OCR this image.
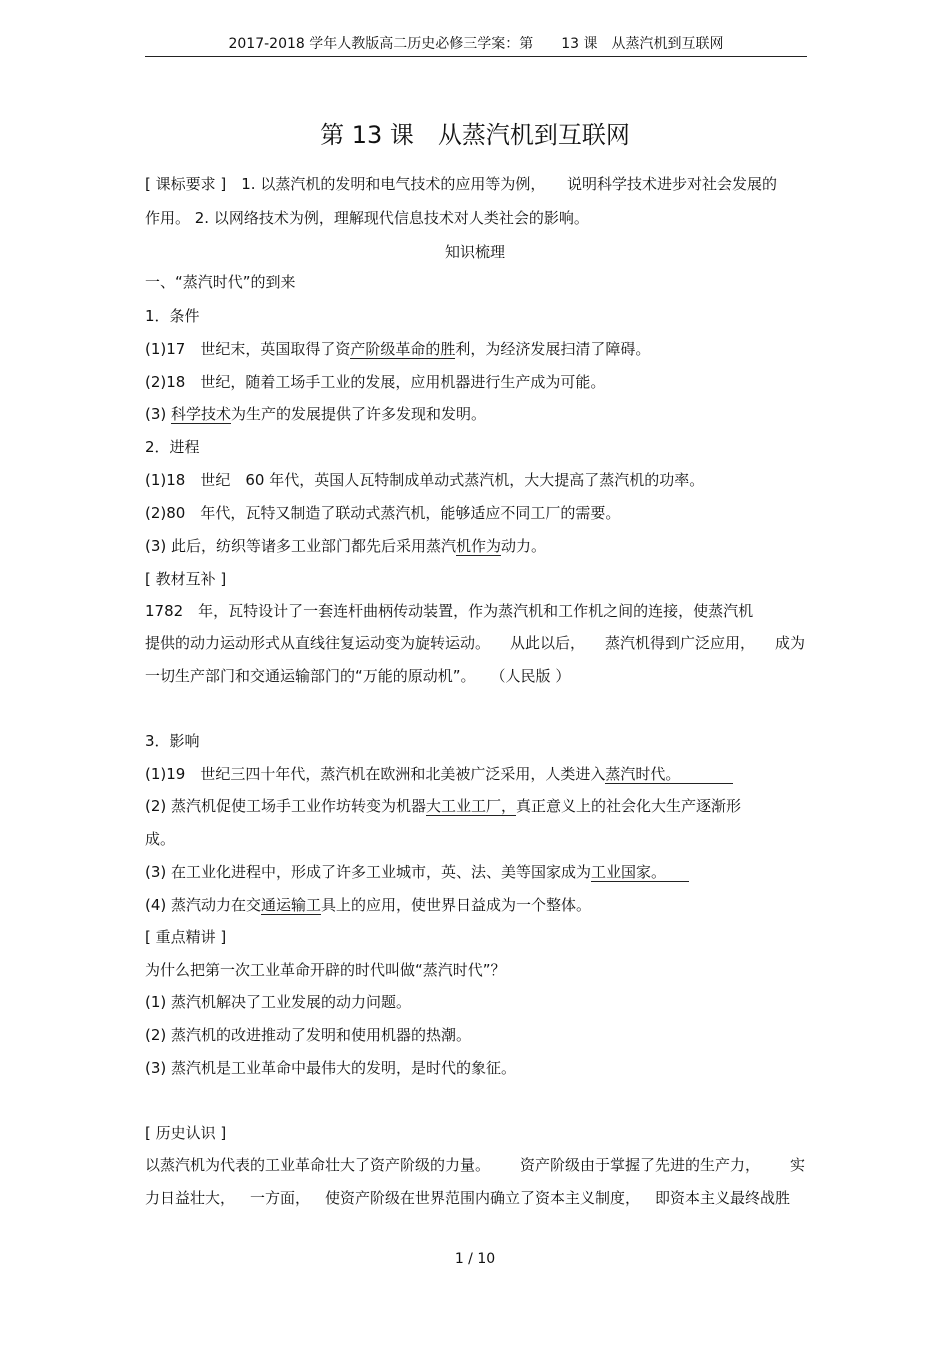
2017-2018 学年人教版高二历史必修三学案：第　　13 课　从蒸汽机到互联网
第 13 课　从蒸汽机到互联网
[ 课标要求 ]　1. 以蒸汽机的发明和电气技术的应用等为例， 说明科学技术进步对社会发展的
作用。 2. 以网络技术为例，理解现代信息技术对人类社会的影响。
知识梳理
一、“蒸汽时代”的到来
1．条件
(1)17　世纪末，英国取得了资产阶级革命的胜利，为经济发展扫清了障碍。
(2)18　世纪，随着工场手工业的发展，应用机器进行生产成为可能。
(3) 科学技术为生产的发展提供了许多发现和发明。
2．进程
(1)18　世纪　60 年代，英国人瓦特制成单动式蒸汽机，大大提高了蒸汽机的功率。
(2)80　年代，瓦特又制造了联动式蒸汽机，能够适应不同工厂的需要。
(3) 此后，纺织等诸多工业部门都先后采用蒸汽机作为动力。
[ 教材互补 ]
1782　年，瓦特设计了一套连杆曲柄传动装置，作为蒸汽机和工作机之间的连接，使蒸汽机
提供的动力运动形式从直线往复运动变为旋转运动。 从此以后， 蒸汽机得到广泛应用， 成为
一切生产部门和交通运输部门的“万能的原动机”。　　（人民版 ）
3．影响
(1)19　世纪三四十年代，蒸汽机在欧洲和北美被广泛采用，人类进入蒸汽时代。　　　　
(2) 蒸汽机促使工场手工业作坊转变为机器大工业工厂，真正意义上的社会化大生产逐渐形
成。
(3) 在工业化进程中，形成了许多工业城市，英、法、美等国家成为工业国家。　　
(4) 蒸汽动力在交通运输工具上的应用，使世界日益成为一个整体。
[ 重点精讲 ]
为什么把第一次工业革命开辟的时代叫做“蒸汽时代”？
(1) 蒸汽机解决了工业发展的动力问题。
(2) 蒸汽机的改进推动了发明和使用机器的热潮。
(3) 蒸汽机是工业革命中最伟大的发明，是时代的象征。
[ 历史认识 ]
以蒸汽机为代表的工业革命壮大了资产阶级的力量。 资产阶级由于掌握了先进的生产力， 实
力日益壮大， 一方面， 使资产阶级在世界范围内确立了资本主义制度， 即资本主义最终战胜
1 / 10
